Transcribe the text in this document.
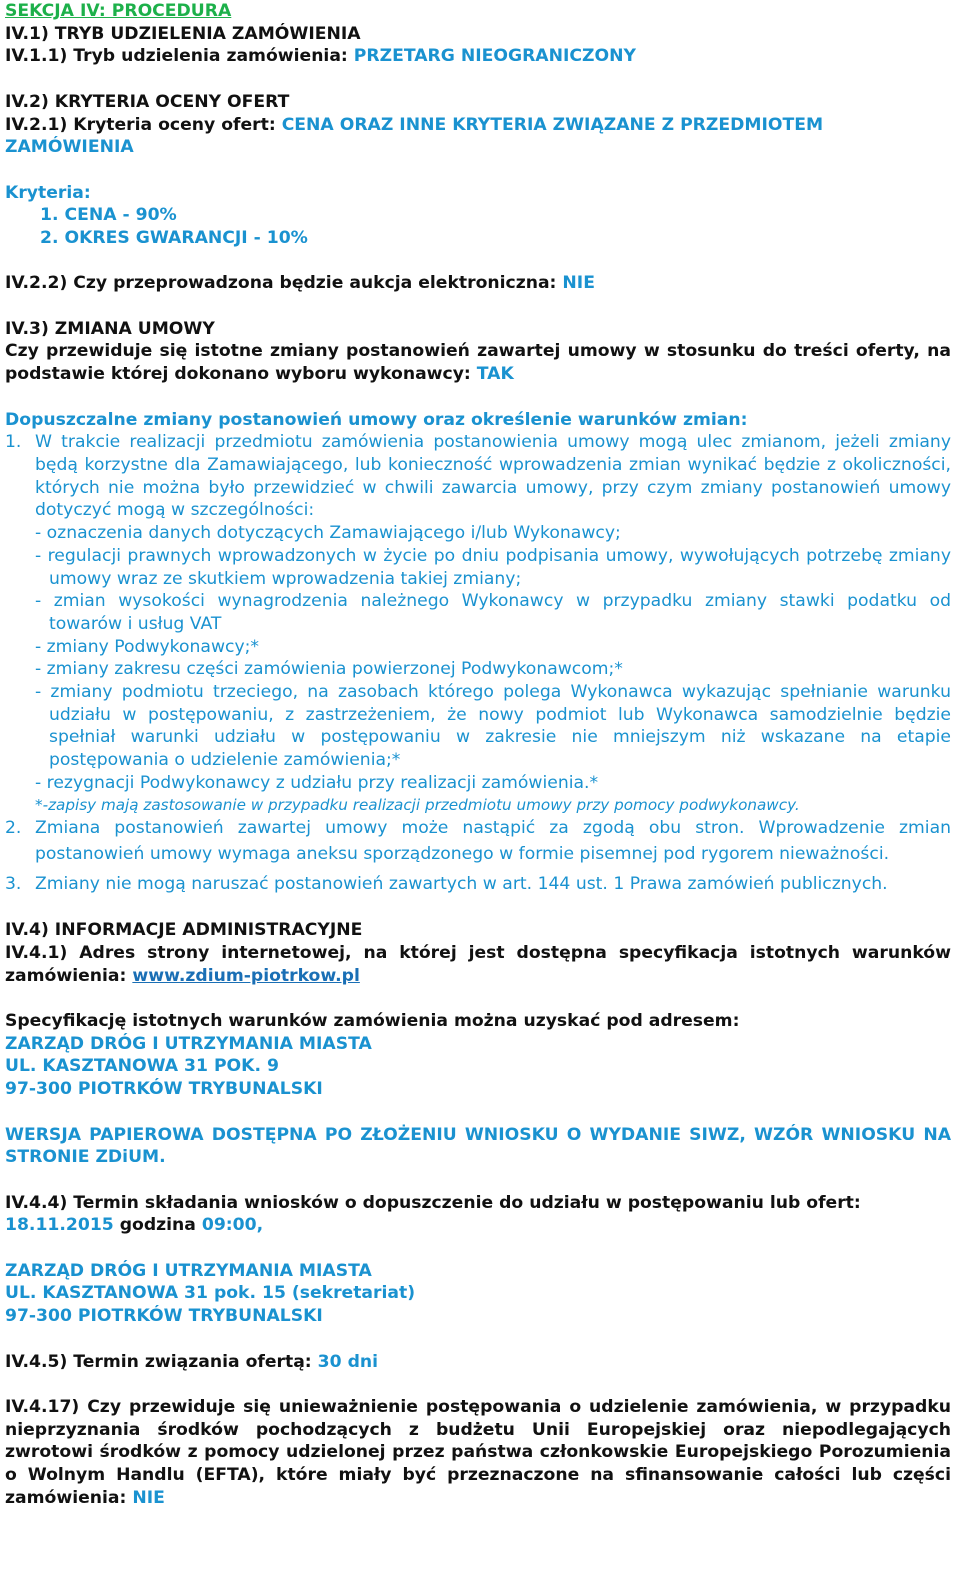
SEKCJA IV: PROCEDURA
IV.1) TRYB UDZIELENIA ZAMÓWIENIA
IV.1.1) Tryb udzielenia zamówienia: PRZETARG NIEOGRANICZONY
IV.2) KRYTERIA OCENY OFERT
IV.2.1) Kryteria oceny ofert: CENA ORAZ INNE KRYTERIA ZWIĄZANE Z PRZEDMIOTEM ZAMÓWIENIA
Kryteria:
1. CENA - 90%
2. OKRES GWARANCJI - 10%
IV.2.2) Czy przeprowadzona będzie aukcja elektroniczna: NIE
IV.3) ZMIANA UMOWY
Czy przewiduje się istotne zmiany postanowień zawartej umowy w stosunku do treści oferty, na podstawie której dokonano wyboru wykonawcy: TAK
Dopuszczalne zmiany postanowień umowy oraz określenie warunków zmian:
1. W trakcie realizacji przedmiotu zamówienia postanowienia umowy mogą ulec zmianom, jeżeli zmiany będą korzystne dla Zamawiającego, lub konieczność wprowadzenia zmian wynikać będzie z okoliczności, których nie można było przewidzieć w chwili zawarcia umowy, przy czym zmiany postanowień umowy dotyczyć mogą w szczególności:
- oznaczenia danych dotyczących Zamawiającego i/lub Wykonawcy;
- regulacji prawnych wprowadzonych w życie po dniu podpisania umowy, wywołujących potrzebę zmiany umowy wraz ze skutkiem wprowadzenia takiej zmiany;
- zmian wysokości wynagrodzenia należnego Wykonawcy w przypadku zmiany stawki podatku od towarów i usług VAT
- zmiany Podwykonawcy;*
- zmiany zakresu części zamówienia powierzonej Podwykonawcom;*
- zmiany podmiotu trzeciego, na zasobach którego polega Wykonawca wykazując spełnianie warunku udziału w postępowaniu, z zastrzeżeniem, że nowy podmiot lub Wykonawca samodzielnie będzie spełniał warunki udziału w postępowaniu w zakresie nie mniejszym niż wskazane na etapie postępowania o udzielenie zamówienia;*
- rezygnacji Podwykonawcy z udziału przy realizacji zamówienia.*
*-zapisy mają zastosowanie w przypadku realizacji przedmiotu umowy przy pomocy podwykonawcy.
2. Zmiana postanowień zawartej umowy może nastąpić za zgodą obu stron. Wprowadzenie zmian postanowień umowy wymaga aneksu sporządzonego w formie pisemnej pod rygorem nieważności.
3. Zmiany nie mogą naruszać postanowień zawartych w art. 144 ust. 1 Prawa zamówień publicznych.
IV.4) INFORMACJE ADMINISTRACYJNE
IV.4.1) Adres strony internetowej, na której jest dostępna specyfikacja istotnych warunków zamówienia: www.zdium-piotrkow.pl
Specyfikację istotnych warunków zamówienia można uzyskać pod adresem:
ZARZĄD DRÓG I UTRZYMANIA MIASTA
UL. KASZTANOWA 31 POK. 9
97-300 PIOTRKÓW TRYBUNALSKI
WERSJA PAPIEROWA DOSTĘPNA PO ZŁOŻENIU WNIOSKU O WYDANIE SIWZ, WZÓR WNIOSKU NA STRONIE ZDiUM.
IV.4.4) Termin składania wniosków o dopuszczenie do udziału w postępowaniu lub ofert:
18.11.2015 godzina 09:00,
ZARZĄD DRÓG I UTRZYMANIA MIASTA
UL. KASZTANOWA 31 pok. 15 (sekretariat)
97-300 PIOTRKÓW TRYBUNALSKI
IV.4.5) Termin związania ofertą: 30 dni
IV.4.17) Czy przewiduje się unieważnienie postępowania o udzielenie zamówienia, w przypadku nieprzyznania środków pochodzących z budżetu Unii Europejskiej oraz niepodlegających zwrotowi środków z pomocy udzielonej przez państwa członkowskie Europejskiego Porozumienia o Wolnym Handlu (EFTA), które miały być przeznaczone na sfinansowanie całości lub części zamówienia: NIE
